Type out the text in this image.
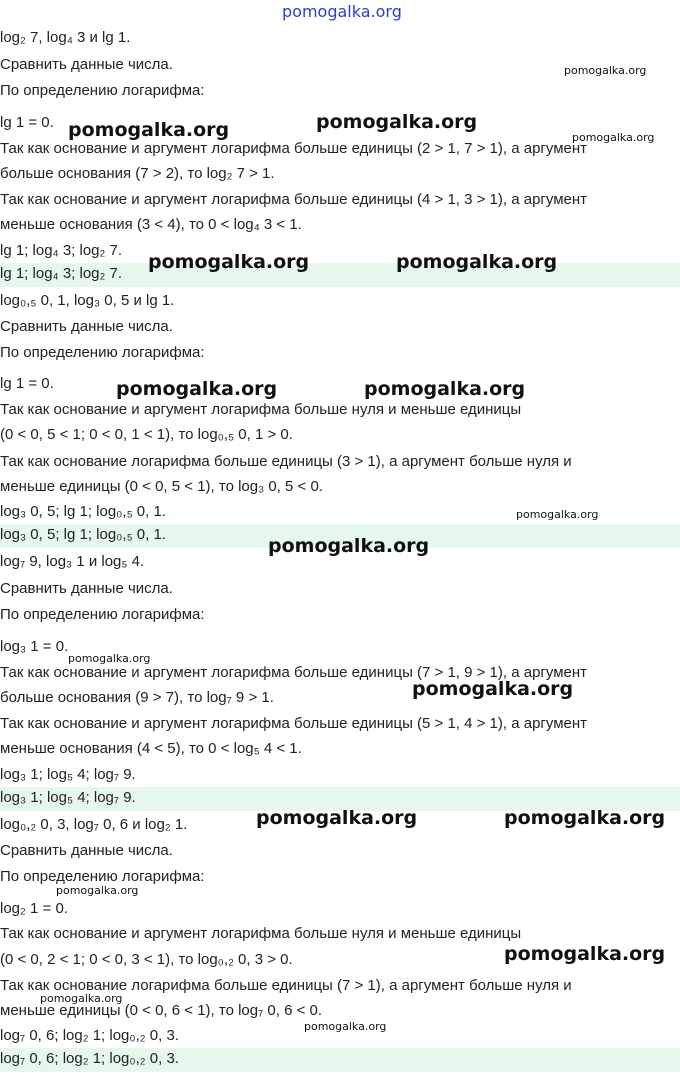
pomogalka.org
log₂ 7, log₄ 3 и lg 1.
Сравнить данные числа.
По определению логарифма:
lg 1 = 0.
Так как основание и аргумент логарифма больше единицы (2 > 1, 7 > 1), а аргумент
больше основания (7 > 2), то log₂ 7 > 1.
Так как основание и аргумент логарифма больше единицы (4 > 1, 3 > 1), а аргумент
меньше основания (3 < 4), то 0 < log₄ 3 < 1.
lg 1; log₄ 3; log₂ 7.
lg 1; log₄ 3; log₂ 7.
log₀,₅ 0, 1, log₃ 0, 5 и lg 1.
Сравнить данные числа.
По определению логарифма:
lg 1 = 0.
Так как основание и аргумент логарифма больше нуля и меньше единицы
(0 < 0, 5 < 1; 0 < 0, 1 < 1), то log₀,₅ 0, 1 > 0.
Так как основание логарифма больше единицы (3 > 1), а аргумент больше нуля и
меньше единицы (0 < 0, 5 < 1), то log₃ 0, 5 < 0.
log₃ 0, 5; lg 1; log₀,₅ 0, 1.
log₃ 0, 5; lg 1; log₀,₅ 0, 1.
log₇ 9, log₃ 1 и log₅ 4.
Сравнить данные числа.
По определению логарифма:
log₃ 1 = 0.
Так как основание и аргумент логарифма больше единицы (7 > 1, 9 > 1), а аргумент
больше основания (9 > 7), то log₇ 9 > 1.
Так как основание и аргумент логарифма больше единицы (5 > 1, 4 > 1), а аргумент
меньше основания (4 < 5), то 0 < log₅ 4 < 1.
log₃ 1; log₅ 4; log₇ 9.
log₃ 1; log₅ 4; log₇ 9.
log₀,₂ 0, 3, log₇ 0, 6 и log₂ 1.
Сравнить данные числа.
По определению логарифма:
log₂ 1 = 0.
Так как основание и аргумент логарифма больше нуля и меньше единицы
(0 < 0, 2 < 1; 0 < 0, 3 < 1), то log₀,₂ 0, 3 > 0.
Так как основание логарифма больше единицы (7 > 1), а аргумент больше нуля и
меньше единицы (0 < 0, 6 < 1), то log₇ 0, 6 < 0.
log₇ 0, 6; log₂ 1; log₀,₂ 0, 3.
log₇ 0, 6; log₂ 1; log₀,₂ 0, 3.
pomogalka.org
pomogalka.org	pomogalka.org
pomogalka.org
pomogalka.org	pomogalka.org
pomogalka.org	pomogalka.org
pomogalka.org
pomogalka.org
pomogalka.org
pomogalka.org
pomogalka.org	pomogalka.org
pomogalka.org
pomogalka.org
pomogalka.org
pomogalka.org
